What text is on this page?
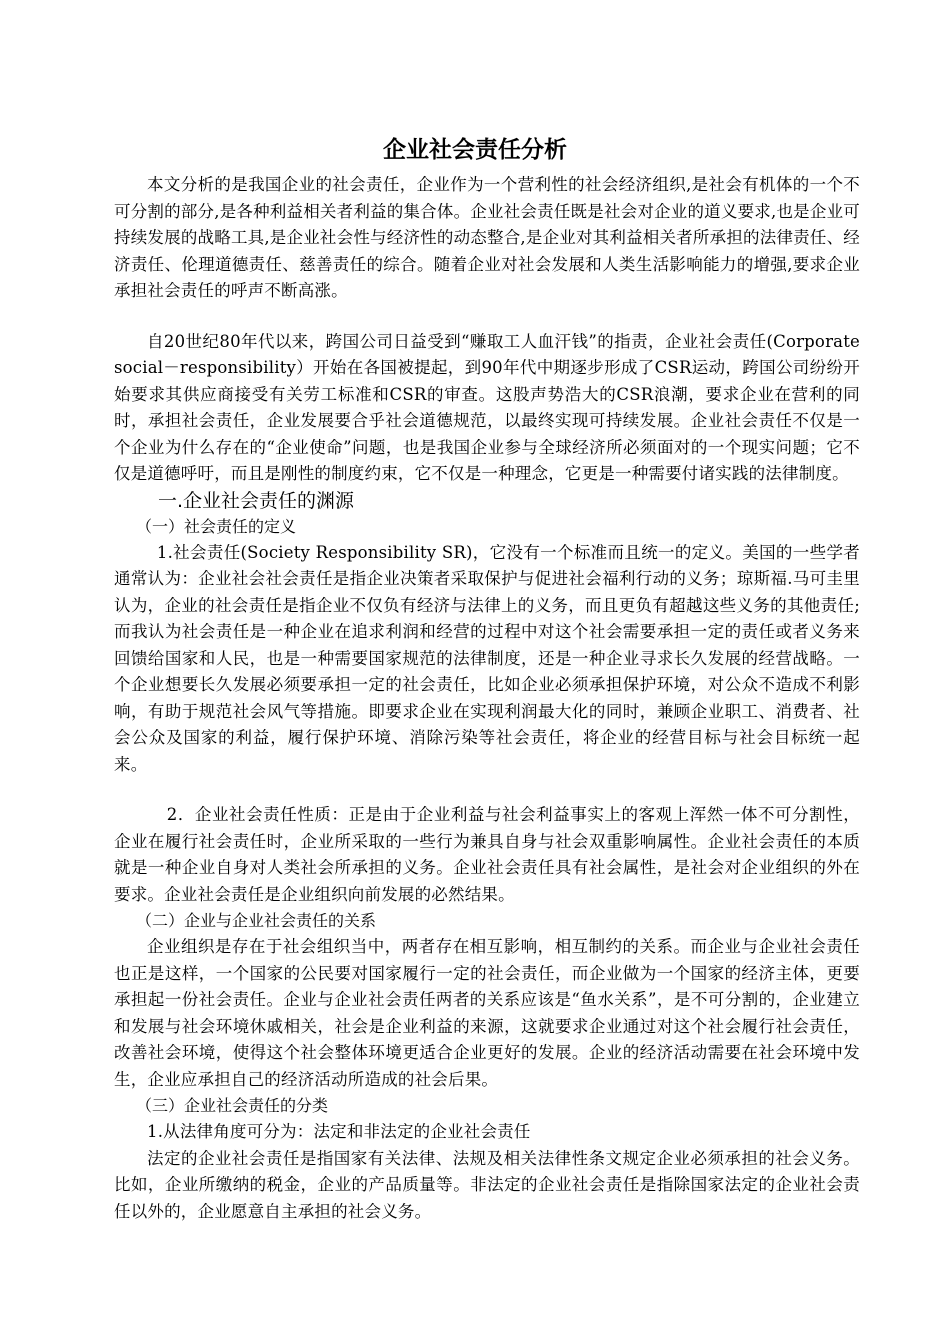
企业社会责任分析

本文分析的是我国企业的社会责任，企业作为一个营利性的社会经济组织,是社会有机体的一个不可分割的部分,是各种利益相关者利益的集合体。企业社会责任既是社会对企业的道义要求,也是企业可持续发展的战略工具,是企业社会性与经济性的动态整合,是企业对其利益相关者所承担的法律责任、经济责任、伦理道德责任、慈善责任的综合。随着企业对社会发展和人类生活影响能力的增强,要求企业承担社会责任的呼声不断高涨。

自20世纪80年代以来，跨国公司日益受到“赚取工人血汗钱”的指责，企业社会责任(Corporate social－responsibility）开始在各国被提起，到90年代中期逐步形成了CSR运动，跨国公司纷纷开始要求其供应商接受有关劳工标准和CSR的审查。这股声势浩大的CSR浪潮，要求企业在营利的同时，承担社会责任，企业发展要合乎社会道德规范，以最终实现可持续发展。企业社会责任不仅是一个企业为什么存在的“企业使命”问题，也是我国企业参与全球经济所必须面对的一个现实问题；它不仅是道德呼吁，而且是刚性的制度约束，它不仅是一种理念，它更是一种需要付诸实践的法律制度。

一.企业社会责任的渊源
（一）社会责任的定义

1.社会责任(Society Responsibility SR)，它没有一个标准而且统一的定义。美国的一些学者通常认为：企业社会社会责任是指企业决策者采取保护与促进社会福利行动的义务；琼斯福.马可圭里认为，企业的社会责任是指企业不仅负有经济与法律上的义务，而且更负有超越这些义务的其他责任;而我认为社会责任是一种企业在追求利润和经营的过程中对这个社会需要承担一定的责任或者义务来回馈给国家和人民，也是一种需要国家规范的法律制度，还是一种企业寻求长久发展的经营战略。一个企业想要长久发展必须要承担一定的社会责任，比如企业必须承担保护环境，对公众不造成不利影响，有助于规范社会风气等措施。即要求企业在实现利润最大化的同时，兼顾企业职工、消费者、社会公众及国家的利益，履行保护环境、消除污染等社会责任，将企业的经营目标与社会目标统一起来。

2．企业社会责任性质：正是由于企业利益与社会利益事实上的客观上浑然一体不可分割性，企业在履行社会责任时，企业所采取的一些行为兼具自身与社会双重影响属性。企业社会责任的本质就是一种企业自身对人类社会所承担的义务。企业社会责任具有社会属性，是社会对企业组织的外在要求。企业社会责任是企业组织向前发展的必然结果。

（二）企业与企业社会责任的关系

企业组织是存在于社会组织当中，两者存在相互影响，相互制约的关系。而企业与企业社会责任也正是这样，一个国家的公民要对国家履行一定的社会责任，而企业做为一个国家的经济主体，更要承担起一份社会责任。企业与企业社会责任两者的关系应该是“鱼水关系”，是不可分割的，企业建立和发展与社会环境休戚相关，社会是企业利益的来源，这就要求企业通过对这个社会履行社会责任，改善社会环境，使得这个社会整体环境更适合企业更好的发展。企业的经济活动需要在社会环境中发生，企业应承担自己的经济活动所造成的社会后果。

（三）企业社会责任的分类

1.从法律角度可分为：法定和非法定的企业社会责任

法定的企业社会责任是指国家有关法律、法规及相关法律性条文规定企业必须承担的社会义务。比如，企业所缴纳的税金，企业的产品质量等。非法定的企业社会责任是指除国家法定的企业社会责任以外的，企业愿意自主承担的社会义务。
